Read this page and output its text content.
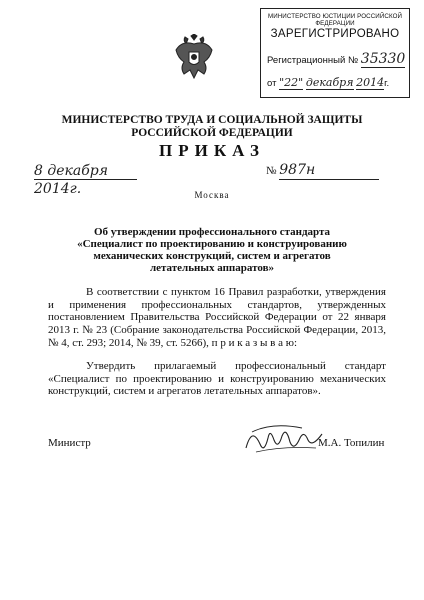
МИНИСТЕРСТВО ЮСТИЦИИ РОССИЙСКОЙ ФЕДЕРАЦИИ
ЗАРЕГИСТРИРОВАНО
Регистрационный № 35330
от "22" декабря 2014г.
МИНИСТЕРСТВО ТРУДА И СОЦИАЛЬНОЙ ЗАЩИТЫ
РОССИЙСКОЙ ФЕДЕРАЦИИ
ПРИКАЗ
8 декабря 2014г.
№ 987н
Москва
Об утверждении профессионального стандарта «Специалист по проектированию и конструированию механических конструкций, систем и агрегатов летательных аппаратов»
В соответствии с пунктом 16 Правил разработки, утверждения и применения профессиональных стандартов, утвержденных постановлением Правительства Российской Федерации от 22 января 2013 г. № 23 (Собрание законодательства Российской Федерации, 2013, № 4, ст. 293; 2014, № 39, ст. 5266), п р и к а з ы в а ю:
Утвердить прилагаемый профессиональный стандарт «Специалист по проектированию и конструированию механических конструкций, систем и агрегатов летательных аппаратов».
Министр	М.А. Топилин
